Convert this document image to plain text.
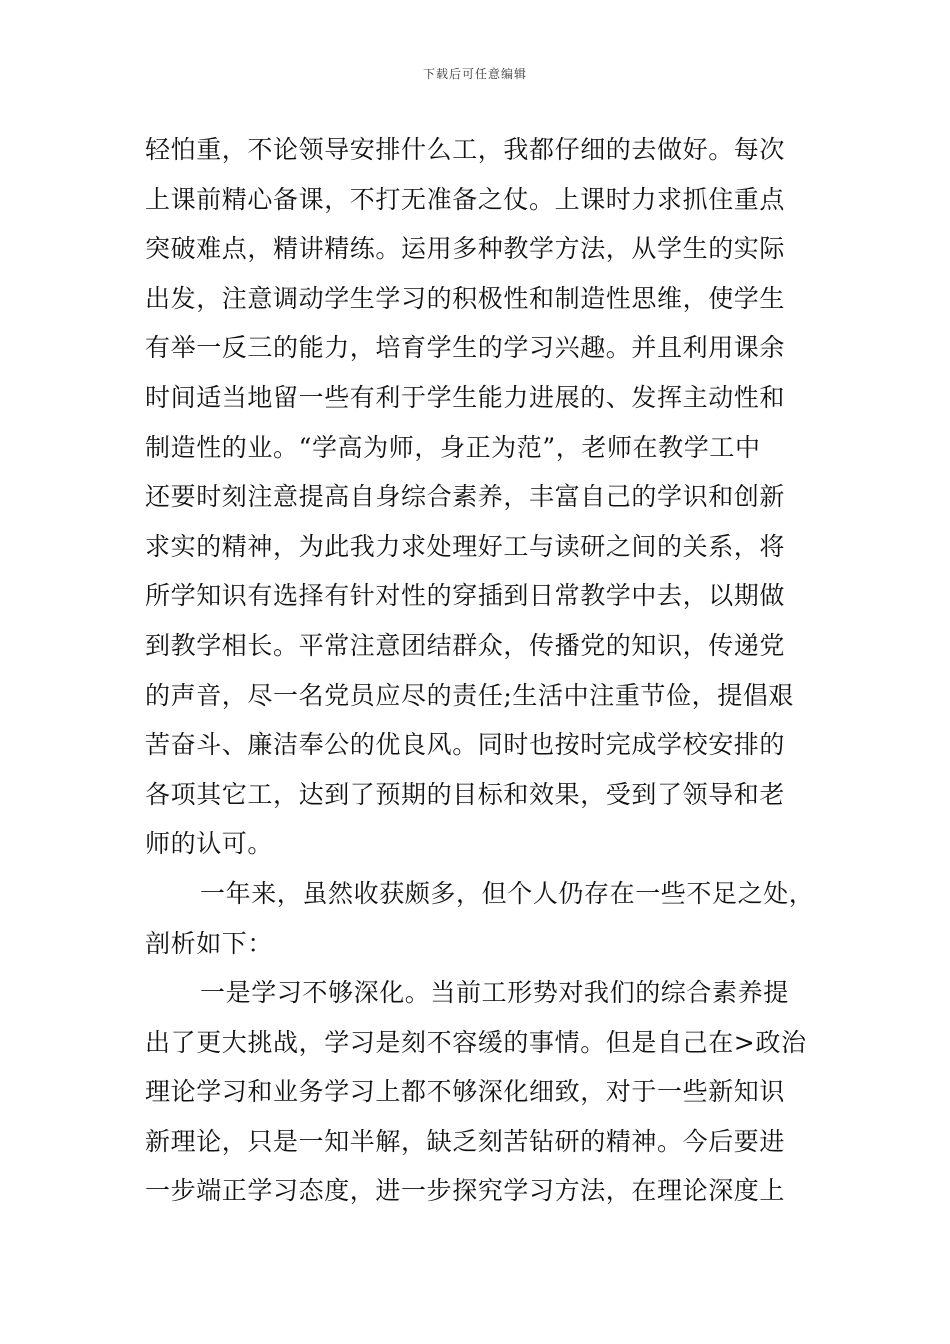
下载后可任意编辑
轻怕重，不论领导安排什么工，我都仔细的去做好。每次
上课前精心备课，不打无准备之仗。上课时力求抓住重点
突破难点，精讲精练。运用多种教学方法，从学生的实际
出发，注意调动学生学习的积极性和制造性思维，使学生
有举一反三的能力，培育学生的学习兴趣。并且利用课余
时间适当地留一些有利于学生能力进展的、发挥主动性和
制造性的业。“学高为师，身正为范”，老师在教学工中
还要时刻注意提高自身综合素养，丰富自己的学识和创新
求实的精神，为此我力求处理好工与读研之间的关系，将
所学知识有选择有针对性的穿插到日常教学中去，以期做
到教学相长。平常注意团结群众，传播党的知识，传递党
的声音，尽一名党员应尽的责任;生活中注重节俭，提倡艰
苦奋斗、廉洁奉公的优良风。同时也按时完成学校安排的
各项其它工，达到了预期的目标和效果，受到了领导和老
师的认可。
一年来，虽然收获颇多，但个人仍存在一些不足之处，
剖析如下：
一是学习不够深化。当前工形势对我们的综合素养提
出了更大挑战，学习是刻不容缓的事情。但是自己在>政治
理论学习和业务学习上都不够深化细致，对于一些新知识
新理论，只是一知半解，缺乏刻苦钻研的精神。今后要进
一步端正学习态度，进一步探究学习方法，在理论深度上
